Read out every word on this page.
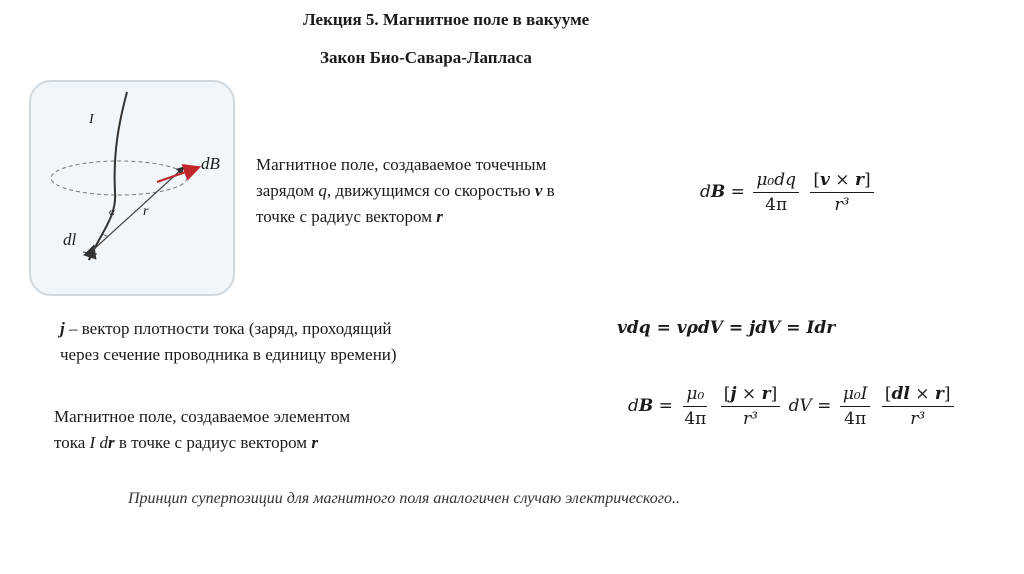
Лекция 5. Магнитное поле в вакууме
Закон Био-Савара-Лапласа
I
dB
r
α
dl
Магнитное поле, создаваемое точечным
зарядом q, движущимся со скоростью v в
точке с радиус вектором r
dB = $\frac{\text{μ₀dq}}{4\pi}$
$\frac{[v \times r]}{\text{r³}}$
j – вектор плотности тока (заряд, проходящий
через сечение проводника в единицу времени)
vdq = vρdV = jdV = Idr
Магнитное поле, создаваемое элементом
тока I dr в точке с радиус вектором r
dB = $\frac{\text{μ₀}}{4\pi}$
$\frac{[j \times r]}{\text{r³}}$ dV = $\frac{\text{μ₀I}}{4\pi}$
$\frac{[dl \times r]}{\text{r³}}$
Принцип суперпозиции для магнитного поля аналогичен случаю электрического..
